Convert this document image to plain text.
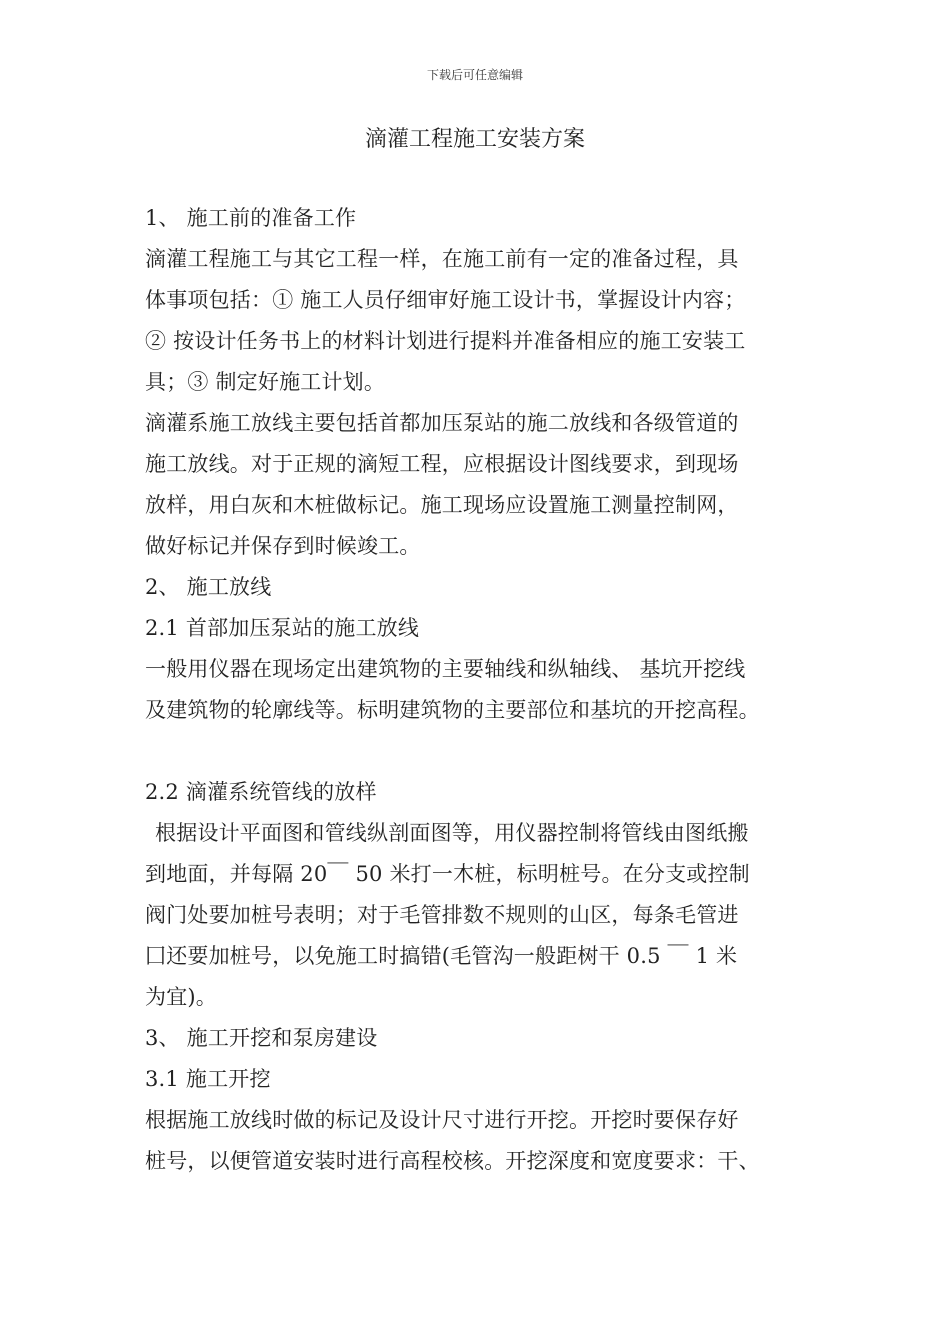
下载后可任意编辑
滴灌工程施工安装方案
1、 施工前的准备工作
滴灌工程施工与其它工程一样，在施工前有一定的准备过程，具
体事项包括：① 施工人员仔细审好施工设计书，掌握设计内容；
② 按设计任务书上的材料计划进行提料并准备相应的施工安装工
具；③ 制定好施工计划。
滴灌系施工放线主要包括首都加压泵站的施二放线和各级管道的
施工放线。对于正规的滴短工程，应根据设计图线要求，到现场
放样，用白灰和木桩做标记。施工现场应设置施工测量控制网，
做好标记并保存到时候竣工。
2、 施工放线
2.1 首部加压泵站的施工放线
一般用仪器在现场定出建筑物的主要轴线和纵轴线、 基坑开挖线
及建筑物的轮廓线等。标明建筑物的主要部位和基坑的开挖高程。
2.2 滴灌系统管线的放样
根据设计平面图和管线纵剖面图等，用仪器控制将管线由图纸搬
到地面，并每隔 20￣ 50 米打一木桩，标明桩号。在分支或控制
阀门处要加桩号表明；对于毛管排数不规则的山区，每条毛管进
囗还要加桩号，以免施工时搞错(毛管沟一般距树干 0.5 ￣ 1 米
为宜)。
3、 施工开挖和泵房建设
3.1 施工开挖
根据施工放线时做的标记及设计尺寸进行开挖。开挖时要保存好
桩号，以便管道安装时进行高程校核。开挖深度和宽度要求：干、
